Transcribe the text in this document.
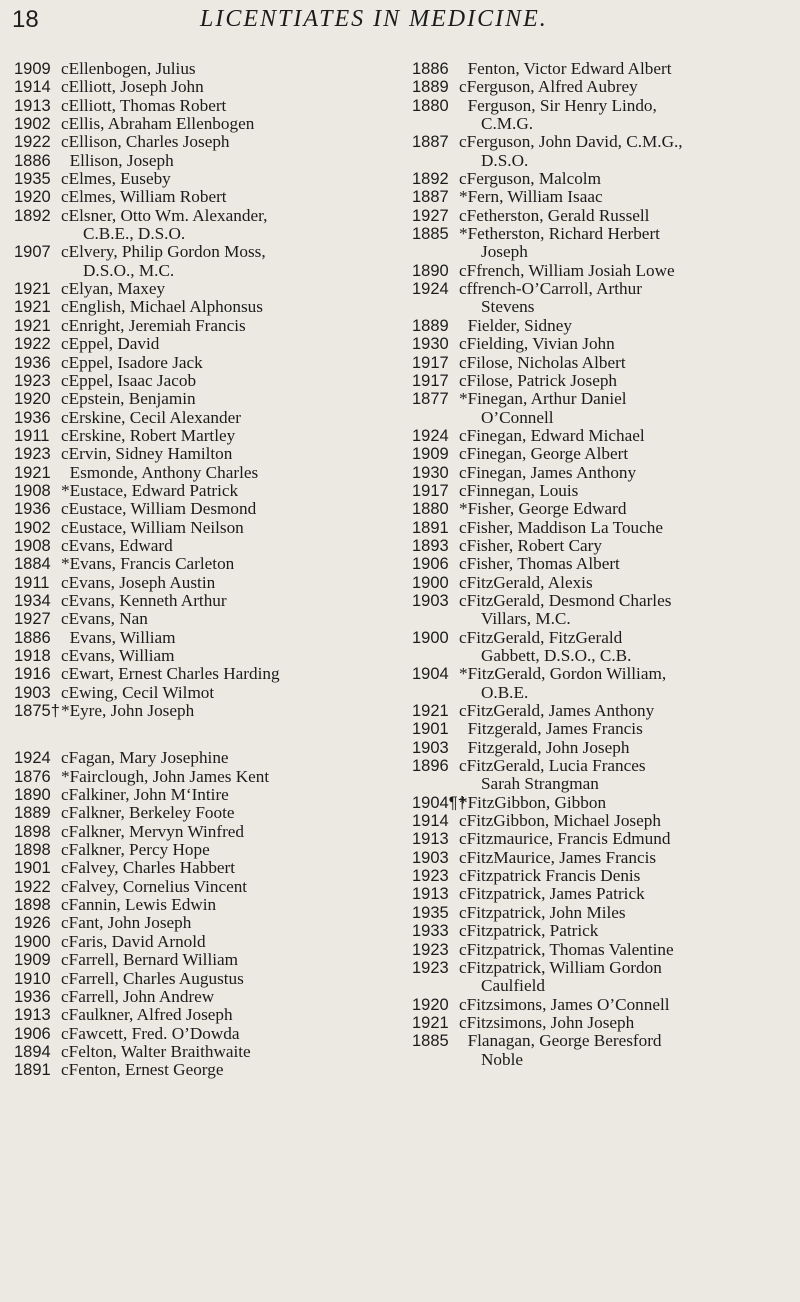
18	LICENTIATES IN MEDICINE.
1909 cEllenbogen, Julius
1914 cElliott, Joseph John
1913 cElliott, Thomas Robert
1902 cEllis, Abraham Ellenbogen
1922 cEllison, Charles Joseph
1886 Ellison, Joseph
1935 cElmes, Euseby
1920 cElmes, William Robert
1892 cElsner, Otto Wm. Alexander,
C.B.E., D.S.O.
1907 cElvery, Philip Gordon Moss,
D.S.O., M.C.
1921 cElyan, Maxey
1921 cEnglish, Michael Alphonsus
1921 cEnright, Jeremiah Francis
1922 cEppel, David
1936 cEppel, Isadore Jack
1923 cEppel, Isaac Jacob
1920 cEpstein, Benjamin
1936 cErskine, Cecil Alexander
1911 cErskine, Robert Martley
1923 cErvin, Sidney Hamilton
1921 Esmonde, Anthony Charles
1908 *Eustace, Edward Patrick
1936 cEustace, William Desmond
1902 cEustace, William Neilson
1908 cEvans, Edward
1884 *Evans, Francis Carleton
1911 cEvans, Joseph Austin
1934 cEvans, Kenneth Arthur
1927 cEvans, Nan
1886 Evans, William
1918 cEvans, William
1916 cEwart, Ernest Charles Harding
1903 cEwing, Cecil Wilmot
1875† *Eyre, John Joseph
1924 cFagan, Mary Josephine
1876 *Fairclough, John James Kent
1890 cFalkiner, John M‘Intire
1889 cFalkner, Berkeley Foote
1898 cFalkner, Mervyn Winfred
1898 cFalkner, Percy Hope
1901 cFalvey, Charles Habbert
1922 cFalvey, Cornelius Vincent
1898 cFannin, Lewis Edwin
1926 cFant, John Joseph
1900 cFaris, David Arnold
1909 cFarrell, Bernard William
1910 cFarrell, Charles Augustus
1936 cFarrell, John Andrew
1913 cFaulkner, Alfred Joseph
1906 cFawcett, Fred. O’Dowda
1894 cFelton, Walter Braithwaite
1891 cFenton, Ernest George
1886 Fenton, Victor Edward Albert
1889 cFerguson, Alfred Aubrey
1880 Ferguson, Sir Henry Lindo,
C.M.G.
1887 cFerguson, John David, C.M.G.,
D.S.O.
1892 cFerguson, Malcolm
1887 *Fern, William Isaac
1927 cFetherston, Gerald Russell
1885 *Fetherston, Richard Herbert
Joseph
1890 cFfrench, William Josiah Lowe
1924 cffrench-O’Carroll, Arthur
Stevens
1889 Fielder, Sidney
1930 cFielding, Vivian John
1917 cFilose, Nicholas Albert
1917 cFilose, Patrick Joseph
1877 *Finegan, Arthur Daniel
O’Connell
1924 cFinegan, Edward Michael
1909 cFinegan, George Albert
1930 cFinegan, James Anthony
1917 cFinnegan, Louis
1880 *Fisher, George Edward
1891 cFisher, Maddison La Touche
1893 cFisher, Robert Cary
1906 cFisher, Thomas Albert
1900 cFitzGerald, Alexis
1903 cFitzGerald, Desmond Charles
Villars, M.C.
1900 cFitzGerald, FitzGerald
Gabbett, D.S.O., C.B.
1904 *FitzGerald, Gordon William,
O.B.E.
1921 cFitzGerald, James Anthony
1901 Fitzgerald, James Francis
1903 Fitzgerald, John Joseph
1896 cFitzGerald, Lucia Frances
Sarah Strangman
1904¶†
*FitzGibbon, Gibbon
1914 cFitzGibbon, Michael Joseph
1913 cFitzmaurice, Francis Edmund
1903 cFitzMaurice, James Francis
1923 cFitzpatrick Francis Denis
1913 cFitzpatrick, James Patrick
1935 cFitzpatrick, John Miles
1933 cFitzpatrick, Patrick
1923 cFitzpatrick, Thomas Valentine
1923 cFitzpatrick, William Gordon
Caulfield
1920 cFitzsimons, James O’Connell
1921 cFitzsimons, John Joseph
1885 Flanagan, George Beresford
Noble
